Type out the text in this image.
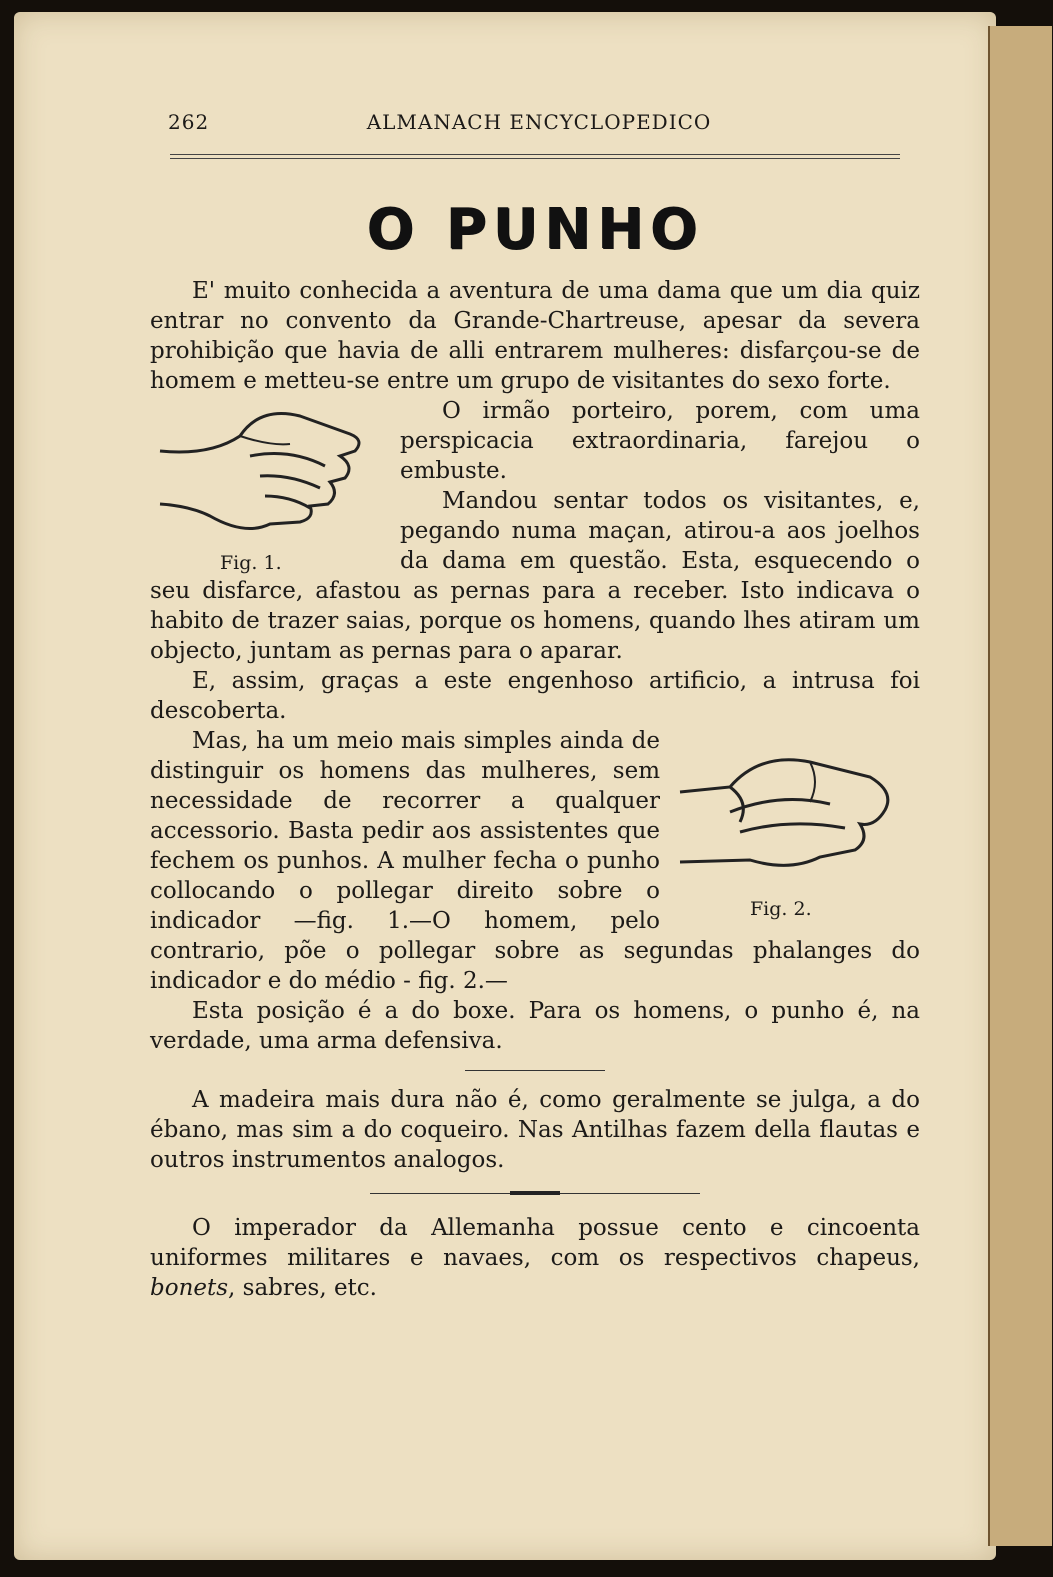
262	ALMANACH ENCYCLOPEDICO
O PUNHO

E' muito conhecida a aventura de uma dama que um dia quiz entrar no convento da Grande-Chartreuse, apesar da severa prohibição que havia de alli entrarem mulheres: disfarçou-se de homem e metteu-se entre um grupo de visitantes do sexo forte.

Fig. 1.

O irmão porteiro, porem, com uma perspicacia extraordinaria, farejou o embuste.

Mandou sentar todos os visitantes, e, pegando numa maçan, atirou-a aos joelhos da dama em questão. Esta, esquecendo o seu disfarce, afastou as pernas para a receber. Isto indicava o habito de trazer saias, porque os homens, quando lhes atiram um objecto, juntam as pernas para o aparar.

E, assim, graças a este engenhoso artificio, a intrusa foi descoberta.

Fig. 2.

Mas, ha um meio mais simples ainda de distinguir os homens das mulheres, sem necessidade de recorrer a qualquer accessorio. Basta pedir aos assistentes que fechem os punhos. A mulher fecha o punho collocando o pollegar direito sobre o indicador —fig. 1.—O homem, pelo contrario, põe o pollegar sobre as segundas phalanges do indicador e do médio - fig. 2.—

Esta posição é a do boxe. Para os homens, o punho é, na verdade, uma arma defensiva.

A madeira mais dura não é, como geralmente se julga, a do ébano, mas sim a do coqueiro. Nas Antilhas fazem della flautas e outros instrumentos analogos.

O imperador da Allemanha possue cento e cincoenta uniformes militares e navaes, com os respectivos chapeus, bonets, sabres, etc.
